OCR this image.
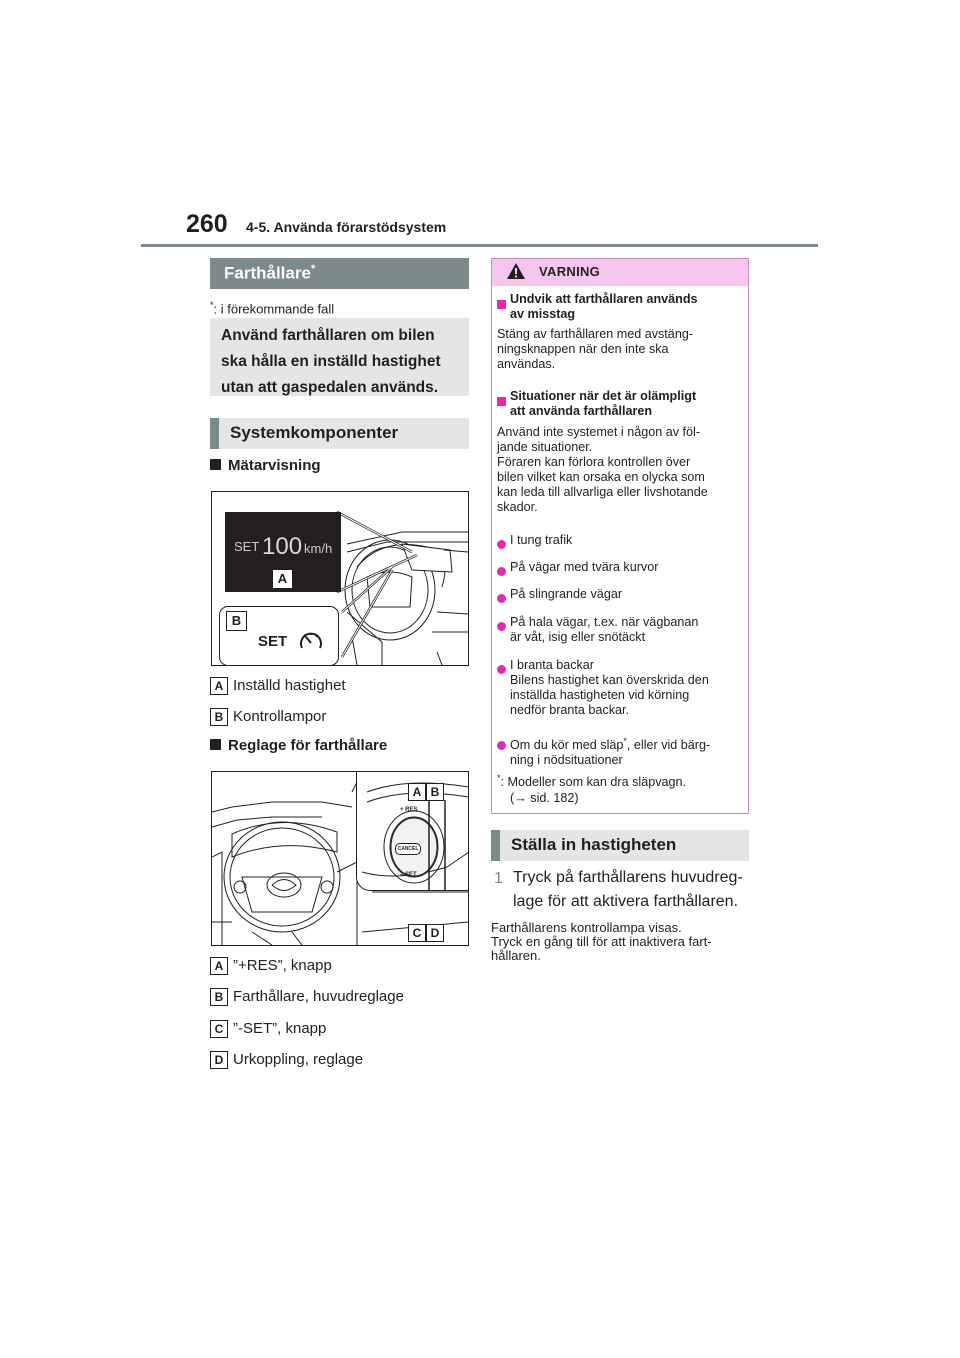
260 4-5. Använda förarstödsystem
Farthållare*
*: i förekommande fall
Använd farthållaren om bilen
ska hålla en inställd hastighet
utan att gaspedalen används.
Systemkomponenter
Mätarvisning
SET 100 km/h
A
B
SET
A Inställd hastighet
B Kontrollampor
Reglage för farthållare
+ RES
CANCEL
– SET
A B
C D
A ”+RES”, knapp
B Farthållare, huvudreglage
C ”-SET”, knapp
D Urkoppling, reglage
VARNING
Undvik att farthållaren används
av misstag
Stäng av farthållaren med avstäng-
ningsknappen när den inte ska
användas.
Situationer när det är olämpligt
att använda farthållaren
Använd inte systemet i någon av föl-
jande situationer.
Föraren kan förlora kontrollen över
bilen vilket kan orsaka en olycka som
kan leda till allvarliga eller livshotande
skador.
I tung trafik
På vägar med tvära kurvor
På slingrande vägar
På hala vägar, t.ex. när vägbanan
är våt, isig eller snötäckt
I branta backar
Bilens hastighet kan överskrida den
inställda hastigheten vid körning
nedför branta backar.
Om du kör med släp*, eller vid bärg-
ning i nödsituationer
*: Modeller som kan dra släpvagn.
(→ sid. 182)
Ställa in hastigheten
1 Tryck på farthållarens huvudreg-
lage för att aktivera farthållaren.
Farthållarens kontrollampa visas.
Tryck en gång till för att inaktivera fart-
hållaren.
